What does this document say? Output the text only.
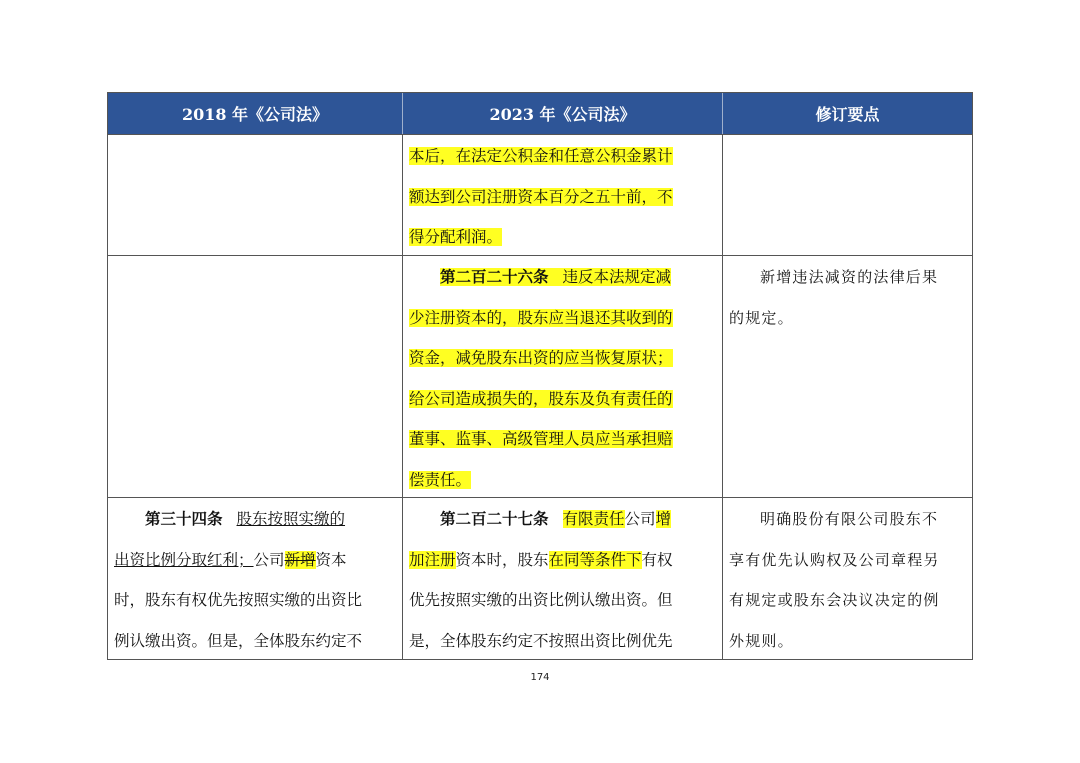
2018 年《公司法》	2023 年《公司法》	修订要点
本后，在法定公积金和任意公积金累计
额达到公司注册资本百分之五十前，不
得分配利润。
第二百二十六条 违反本法规定减
少注册资本的，股东应当退还其收到的
资金，减免股东出资的应当恢复原状；
给公司造成损失的，股东及负有责任的
董事、监事、高级管理人员应当承担赔
偿责任。
新增违法减资的法律后果
的规定。
第三十四条 股东按照实缴的
出资比例分取红利；公司新增资本
时，股东有权优先按照实缴的出资比
例认缴出资。但是，全体股东约定不
第二百二十七条 有限责任公司增
加注册资本时，股东在同等条件下有权
优先按照实缴的出资比例认缴出资。但
是，全体股东约定不按照出资比例优先
明确股份有限公司股东不
享有优先认购权及公司章程另
有规定或股东会决议决定的例
外规则。
174
